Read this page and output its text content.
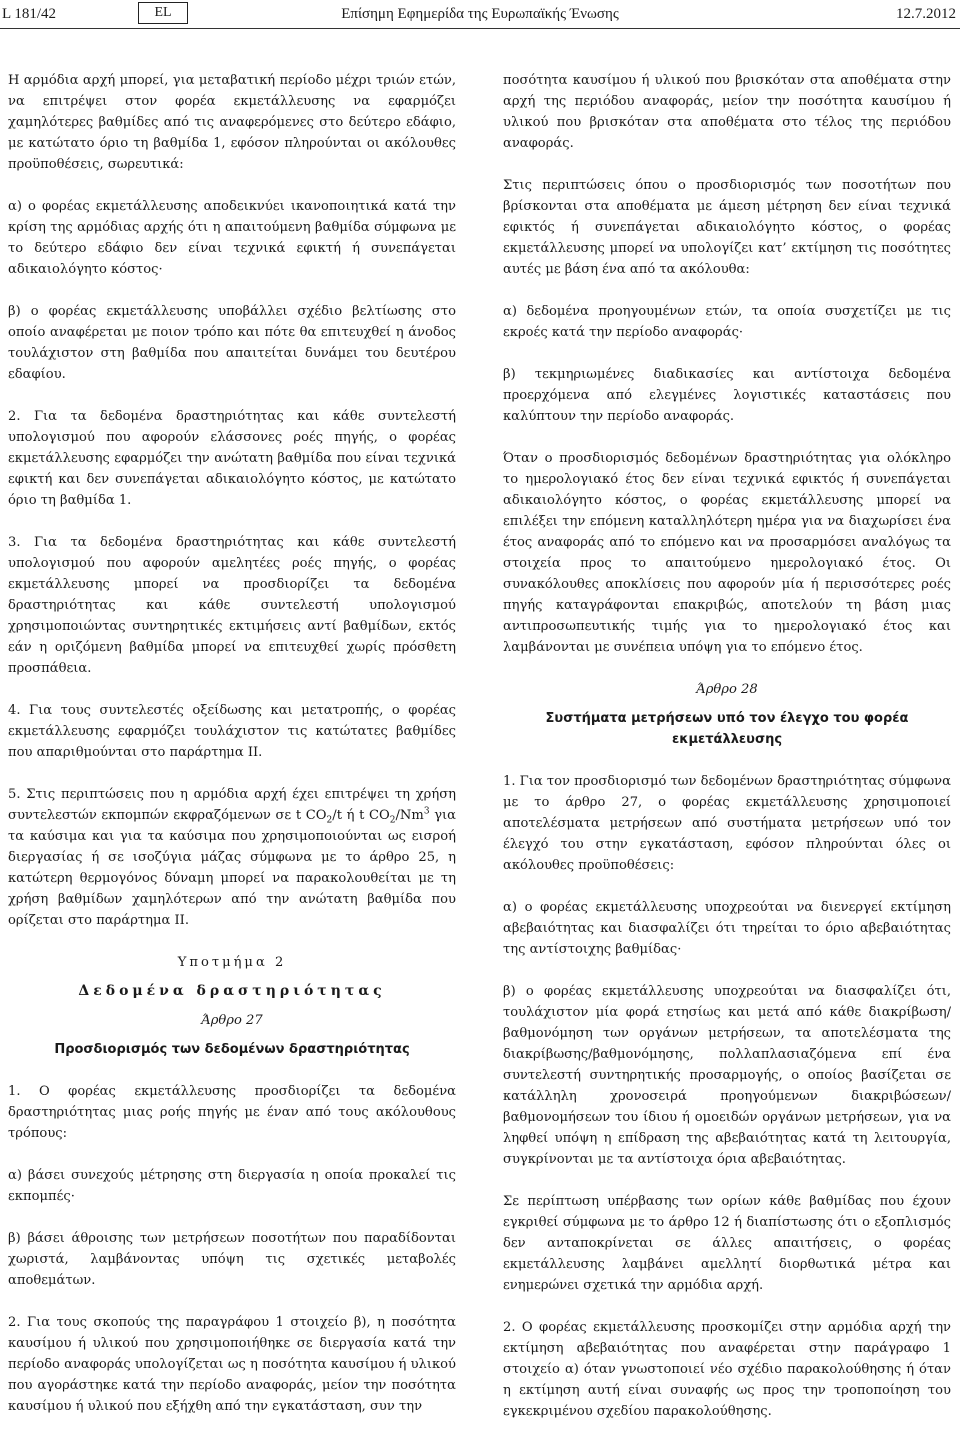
L 181/42	EL	Επίσημη Εφημερίδα της Ευρωπαϊκής Ένωσης	12.7.2012

Η αρμόδια αρχή μπορεί, για μεταβατική περίοδο μέχρι τριών ετών, να επιτρέψει στον φορέα εκμετάλλευσης να εφαρμόζει χαμηλότερες βαθμίδες από τις αναφερόμενες στο δεύτερο εδάφιο, με κατώτατο όριο τη βαθμίδα 1, εφόσον πληρούνται οι ακόλουθες προϋποθέσεις, σωρευτικά:

α) ο φορέας εκμετάλλευσης αποδεικνύει ικανοποιητικά κατά την κρίση της αρμόδιας αρχής ότι η απαιτούμενη βαθμίδα σύμφωνα με το δεύτερο εδάφιο δεν είναι τεχνικά εφικτή ή συνεπάγεται αδικαιολόγητο κόστος·

β) ο φορέας εκμετάλλευσης υποβάλλει σχέδιο βελτίωσης στο οποίο αναφέρεται με ποιον τρόπο και πότε θα επιτευχθεί η άνοδος τουλάχιστον στη βαθμίδα που απαιτείται δυνάμει του δευτέρου εδαφίου.

2. Για τα δεδομένα δραστηριότητας και κάθε συντελεστή υπολογισμού που αφορούν ελάσσονες ροές πηγής, ο φορέας εκμετάλλευσης εφαρμόζει την ανώτατη βαθμίδα που είναι τεχνικά εφικτή και δεν συνεπάγεται αδικαιολόγητο κόστος, με κατώτατο όριο τη βαθμίδα 1.

3. Για τα δεδομένα δραστηριότητας και κάθε συντελεστή υπολογισμού που αφορούν αμελητέες ροές πηγής, ο φορέας εκμετάλλευσης μπορεί να προσδιορίζει τα δεδομένα δραστηριότητας και κάθε συντελεστή υπολογισμού χρησιμοποιώντας συντηρητικές εκτιμήσεις αντί βαθμίδων, εκτός εάν η οριζόμενη βαθμίδα μπορεί να επιτευχθεί χωρίς πρόσθετη προσπάθεια.

4. Για τους συντελεστές οξείδωσης και μετατροπής, ο φορέας εκμετάλλευσης εφαρμόζει τουλάχιστον τις κατώτατες βαθμίδες που απαριθμούνται στο παράρτημα II.

5. Στις περιπτώσεις που η αρμόδια αρχή έχει επιτρέψει τη χρήση συντελεστών εκπομπών εκφραζόμενων σε t $CO_2/t$ ή t $CO_2/Nm^3$ για τα καύσιμα και για τα καύσιμα που χρησιμοποιούνται ως εισροή διεργασίας ή σε ισοζύγια μάζας σύμφωνα με το άρθρο 25, η κατώτερη θερμογόνος δύναμη μπορεί να παρακολουθείται με τη χρήση βαθμίδων χαμηλότερων από την ανώτατη βαθμίδα που ορίζεται στο παράρτημα II.

Υποτμήμα 2

Δεδομένα δραστηριότητας

Άρθρο 27

Προσδιορισμός των δεδομένων δραστηριότητας

1. Ο φορέας εκμετάλλευσης προσδιορίζει τα δεδομένα δραστηριότητας μιας ροής πηγής με έναν από τους ακόλουθους τρόπους:

α) βάσει συνεχούς μέτρησης στη διεργασία η οποία προκαλεί τις εκπομπές·

β) βάσει άθροισης των μετρήσεων ποσοτήτων που παραδίδονται χωριστά, λαμβάνοντας υπόψη τις σχετικές μεταβολές αποθεμάτων.

2. Για τους σκοπούς της παραγράφου 1 στοιχείο β), η ποσότητα καυσίμου ή υλικού που χρησιμοποιήθηκε σε διεργασία κατά την περίοδο αναφοράς υπολογίζεται ως η ποσότητα καυσίμου ή υλικού που αγοράστηκε κατά την περίοδο αναφοράς, μείον την ποσότητα καυσίμου ή υλικού που εξήχθη από την εγκατάσταση, συν την

ποσότητα καυσίμου ή υλικού που βρισκόταν στα αποθέματα στην αρχή της περιόδου αναφοράς, μείον την ποσότητα καυσίμου ή υλικού που βρισκόταν στα αποθέματα στο τέλος της περιόδου αναφοράς.

Στις περιπτώσεις όπου ο προσδιορισμός των ποσοτήτων που βρίσκονται στα αποθέματα με άμεση μέτρηση δεν είναι τεχνικά εφικτός ή συνεπάγεται αδικαιολόγητο κόστος, ο φορέας εκμετάλλευσης μπορεί να υπολογίζει κατ’ εκτίμηση τις ποσότητες αυτές με βάση ένα από τα ακόλουθα:

α) δεδομένα προηγουμένων ετών, τα οποία συσχετίζει με τις εκροές κατά την περίοδο αναφοράς·

β) τεκμηριωμένες διαδικασίες και αντίστοιχα δεδομένα προερχόμενα από ελεγμένες λογιστικές καταστάσεις που καλύπτουν την περίοδο αναφοράς.

Όταν ο προσδιορισμός δεδομένων δραστηριότητας για ολόκληρο το ημερολογιακό έτος δεν είναι τεχνικά εφικτός ή συνεπάγεται αδικαιολόγητο κόστος, ο φορέας εκμετάλλευσης μπορεί να επιλέξει την επόμενη καταλληλότερη ημέρα για να διαχωρίσει ένα έτος αναφοράς από το επόμενο και να προσαρμόσει αναλόγως τα στοιχεία προς το απαιτούμενο ημερολογιακό έτος. Οι συνακόλουθες αποκλίσεις που αφορούν μία ή περισσότερες ροές πηγής καταγράφονται επακριβώς, αποτελούν τη βάση μιας αντιπροσωπευτικής τιμής για το ημερολογιακό έτος και λαμβάνονται με συνέπεια υπόψη για το επόμενο έτος.

Άρθρο 28

Συστήματα μετρήσεων υπό τον έλεγχο του φορέα εκμετάλλευσης

1. Για τον προσδιορισμό των δεδομένων δραστηριότητας σύμφωνα με το άρθρο 27, ο φορέας εκμετάλλευσης χρησιμοποιεί αποτελέσματα μετρήσεων από συστήματα μετρήσεων υπό τον έλεγχό του στην εγκατάσταση, εφόσον πληρούνται όλες οι ακόλουθες προϋποθέσεις:

α) ο φορέας εκμετάλλευσης υποχρεούται να διενεργεί εκτίμηση αβεβαιότητας και διασφαλίζει ότι τηρείται το όριο αβεβαιότητας της αντίστοιχης βαθμίδας·

β) ο φορέας εκμετάλλευσης υποχρεούται να διασφαλίζει ότι, τουλάχιστον μία φορά ετησίως και μετά από κάθε διακρίβωση/βαθμονόμηση των οργάνων μετρήσεων, τα αποτελέσματα της διακρίβωσης/βαθμονόμησης, πολλαπλασιαζόμενα επί ένα συντελεστή συντηρητικής προσαρμογής, ο οποίος βασίζεται σε κατάλληλη χρονοσειρά προηγούμενων διακριβώσεων/βαθμονομήσεων του ίδιου ή ομοειδών οργάνων μετρήσεων, για να ληφθεί υπόψη η επίδραση της αβεβαιότητας κατά τη λειτουργία, συγκρίνονται με τα αντίστοιχα όρια αβεβαιότητας.

Σε περίπτωση υπέρβασης των ορίων κάθε βαθμίδας που έχουν εγκριθεί σύμφωνα με το άρθρο 12 ή διαπίστωσης ότι ο εξοπλισμός δεν ανταποκρίνεται σε άλλες απαιτήσεις, ο φορέας εκμετάλλευσης λαμβάνει αμελλητί διορθωτικά μέτρα και ενημερώνει σχετικά την αρμόδια αρχή.

2. Ο φορέας εκμετάλλευσης προσκομίζει στην αρμόδια αρχή την εκτίμηση αβεβαιότητας που αναφέρεται στην παράγραφο 1 στοιχείο α) όταν γνωστοποιεί νέο σχέδιο παρακολούθησης ή όταν η εκτίμηση αυτή είναι συναφής ως προς την τροποποίηση του εγκεκριμένου σχεδίου παρακολούθησης.
